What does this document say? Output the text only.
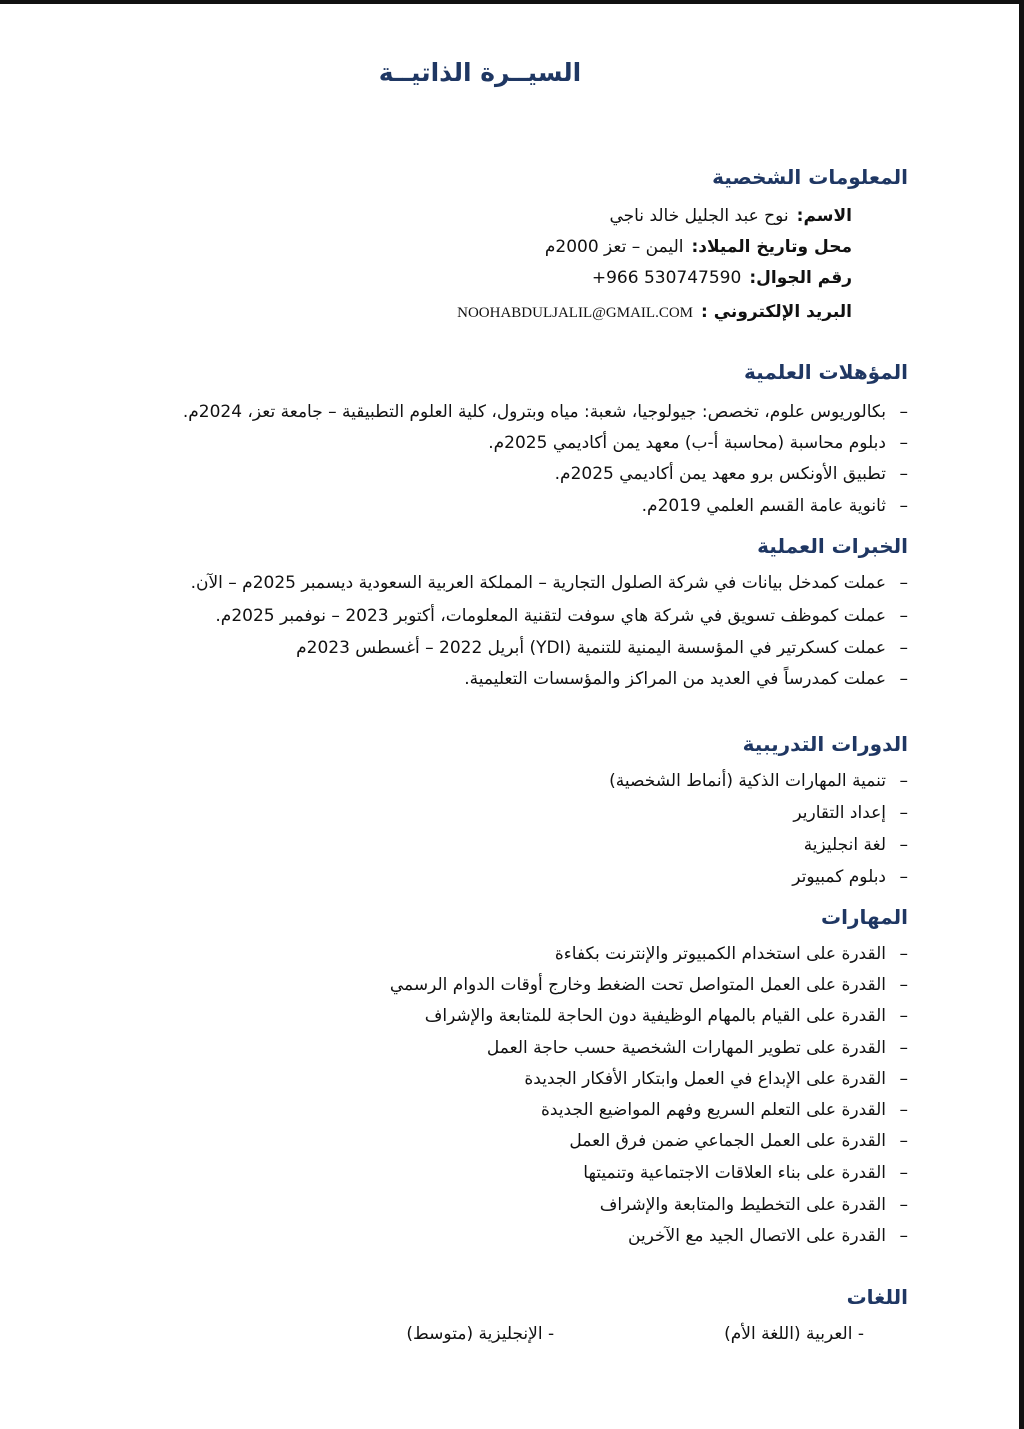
السيــرة الذاتيــة
المعلومات الشخصية
الاسم:نوح عبد الجليل خالد ناجي
محل وتاريخ الميلاد:اليمن – تعز 2000م
رقم الجوال:+966 530747590
البريد الإلكتروني :NOOHABDULJALIL@GMAIL.COM
المؤهلات العلمية
–
بكالوريوس علوم، تخصص: جيولوجيا، شعبة: مياه وبترول، كلية العلوم التطبيقية – جامعة تعز، 2024م.
–
دبلوم محاسبة (محاسبة أ-ب) معهد يمن أكاديمي 2025م.
–
تطبيق الأونكس برو معهد يمن أكاديمي 2025م.
–
ثانوية عامة القسم العلمي 2019م.
الخبرات العملية
–
عملت كمدخل بيانات في شركة الصلول التجارية – المملكة العربية السعودية ديسمبر 2025م – الآن.
–
عملت كموظف تسويق في شركة هاي سوفت لتقنية المعلومات، أكتوبر 2023 – نوفمبر 2025م.
–
عملت كسكرتير في المؤسسة اليمنية للتنمية (YDI) أبريل 2022 – أغسطس 2023م
–
عملت كمدرساً في العديد من المراكز والمؤسسات التعليمية.
الدورات التدريبية
–
تنمية المهارات الذكية (أنماط الشخصية)
–
إعداد التقارير
–
لغة انجليزية
–
دبلوم كمبيوتر
المهارات
–
القدرة على استخدام الكمبيوتر والإنترنت بكفاءة
–
القدرة على العمل المتواصل تحت الضغط وخارج أوقات الدوام الرسمي
–
القدرة على القيام بالمهام الوظيفية دون الحاجة للمتابعة والإشراف
–
القدرة على تطوير المهارات الشخصية حسب حاجة العمل
–
القدرة على الإبداع في العمل وابتكار الأفكار الجديدة
–
القدرة على التعلم السريع وفهم المواضيع الجديدة
–
القدرة على العمل الجماعي ضمن فرق العمل
–
القدرة على بناء العلاقات الاجتماعية وتنميتها
–
القدرة على التخطيط والمتابعة والإشراف
–
القدرة على الاتصال الجيد مع الآخرين
اللغات
- العربية (اللغة الأم)- الإنجليزية (متوسط)
